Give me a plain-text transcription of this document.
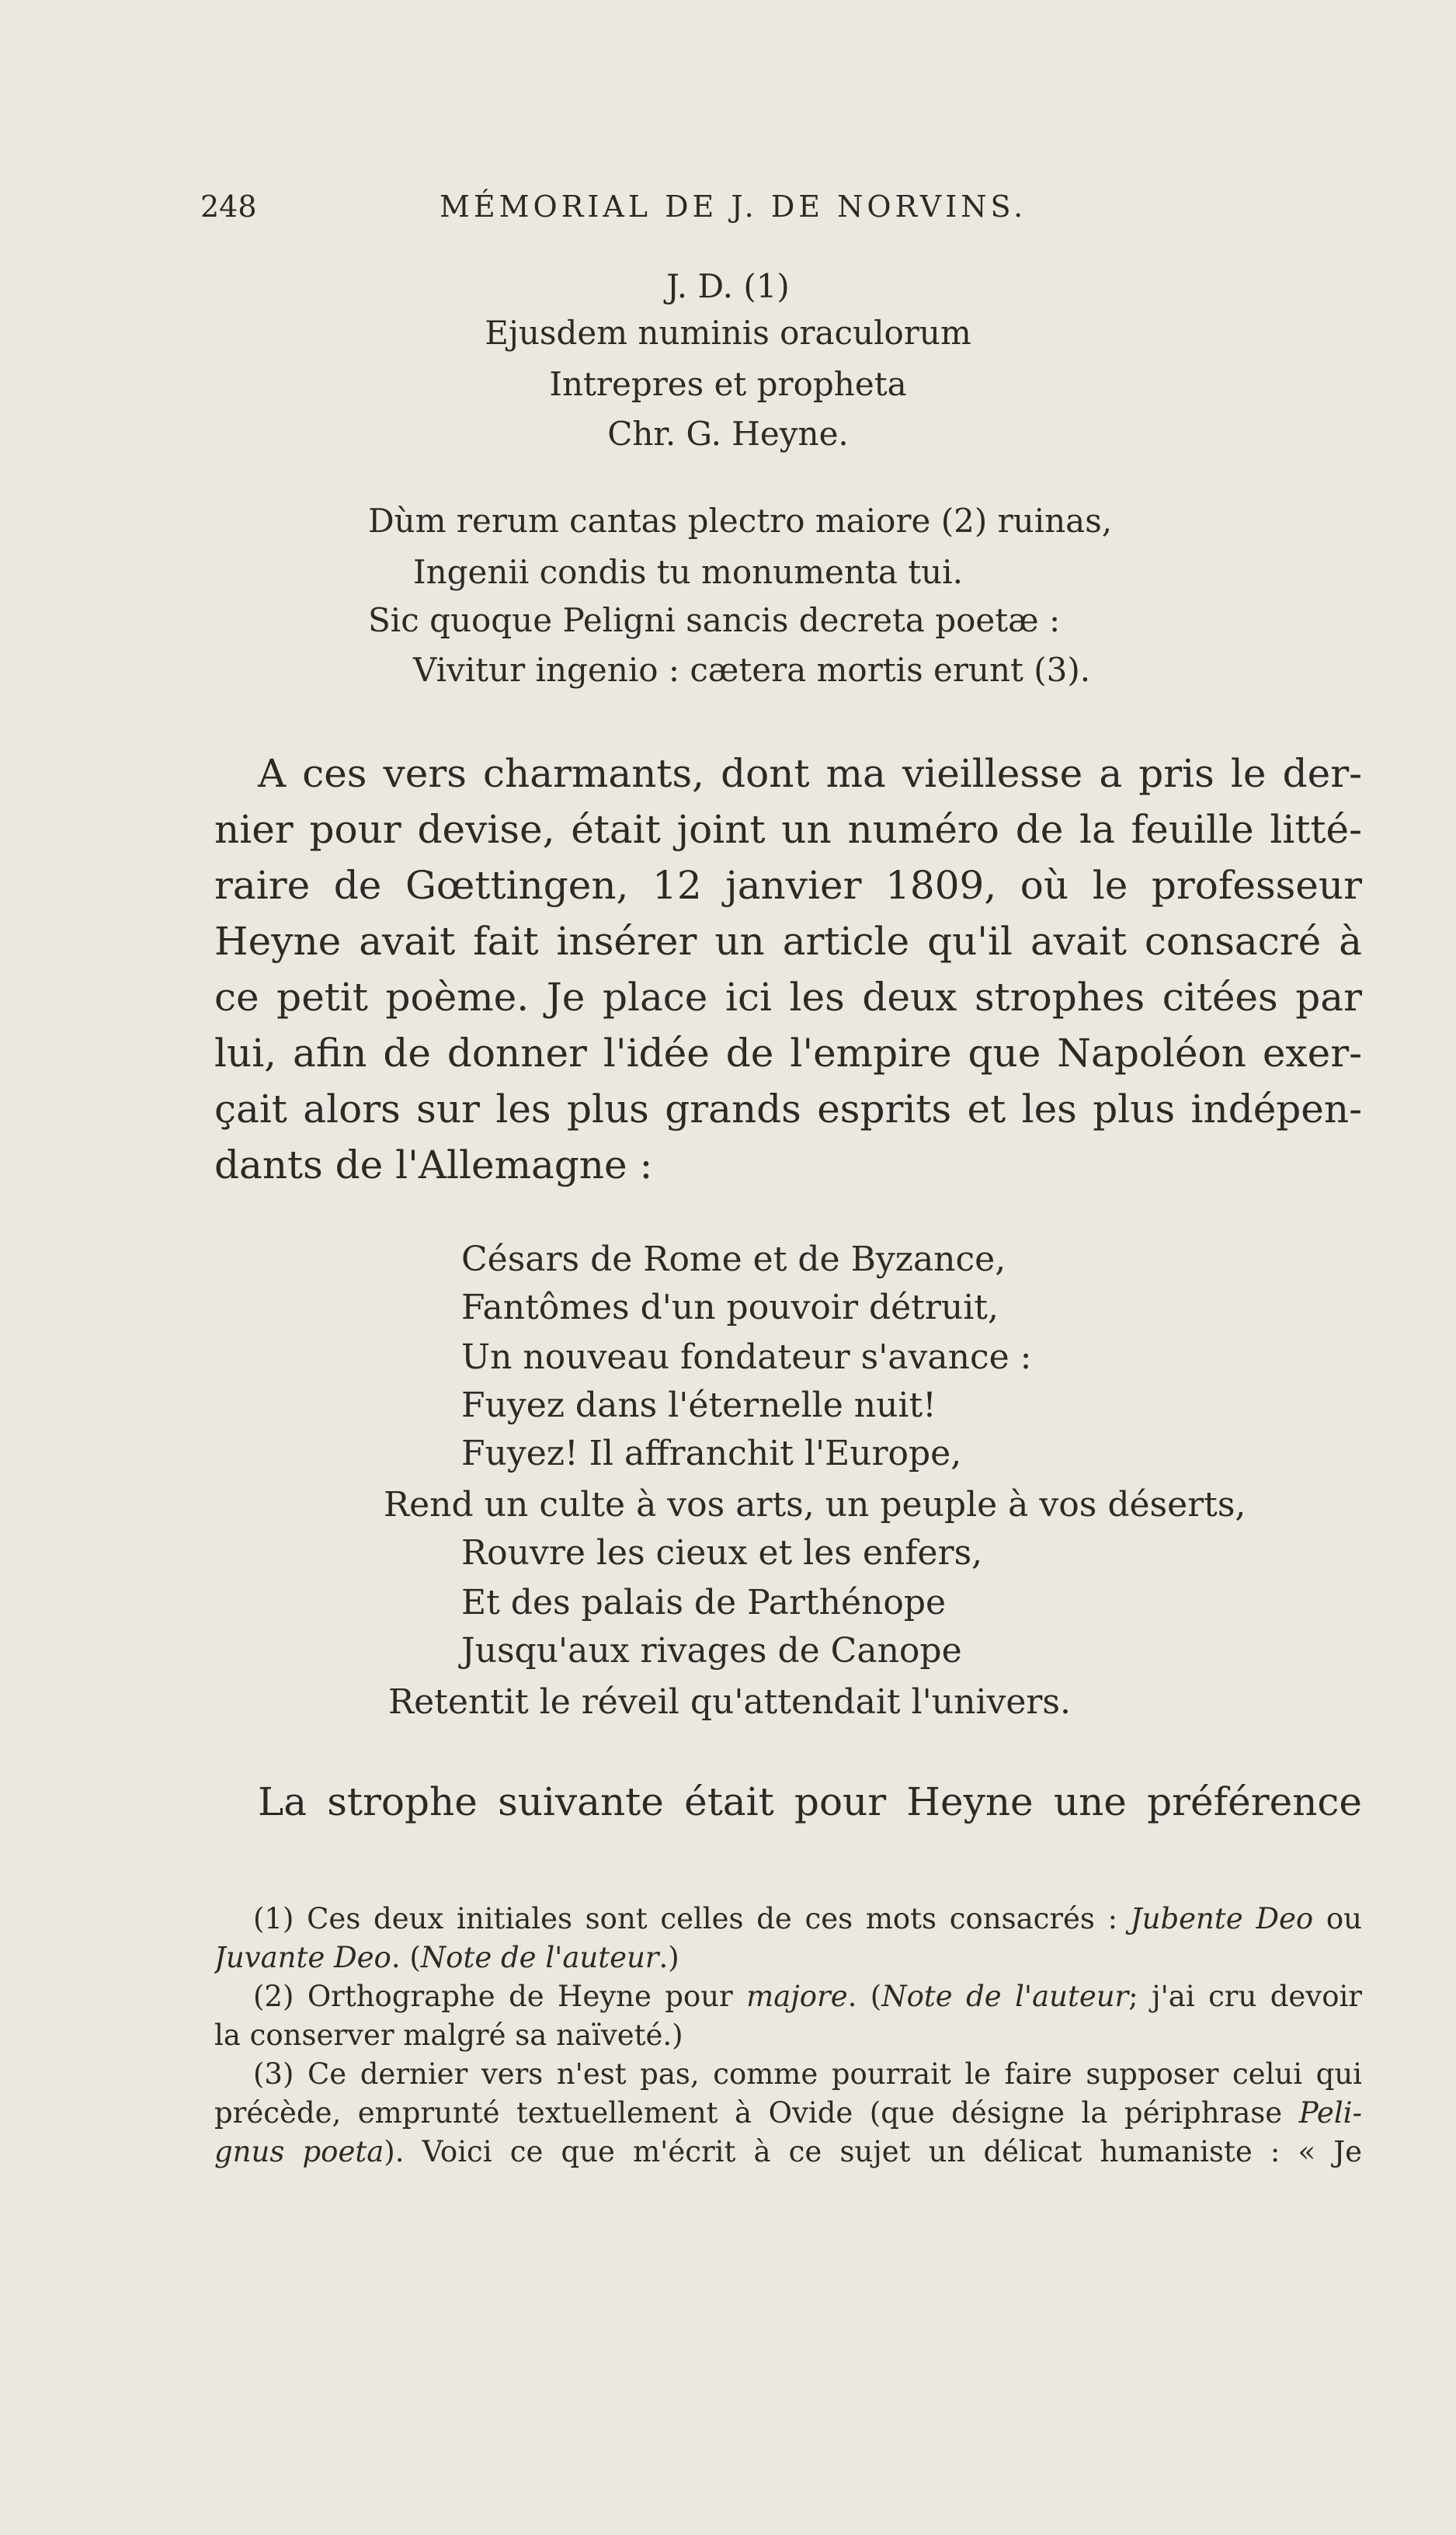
248	MÉMORIAL DE J. DE NORVINS.
J. D. (1)
Ejusdem numinis oraculorum
Intrepres et propheta
Chr. G. Heyne.
Dùm rerum cantas plectro maiore (2) ruinas,
Ingenii condis tu monumenta tui.
Sic quoque Peligni sancis decreta poetæ :
Vivitur ingenio : cætera mortis erunt (3).
A ces vers charmants, dont ma vieillesse a pris le der-
nier pour devise, était joint un numéro de la feuille litté-
raire de Gœttingen, 12 janvier 1809, où le professeur
Heyne avait fait insérer un article qu'il avait consacré à
ce petit poème. Je place ici les deux strophes citées par
lui, afin de donner l'idée de l'empire que Napoléon exer-
çait alors sur les plus grands esprits et les plus indépen-
dants de l'Allemagne :
Césars de Rome et de Byzance,
Fantômes d'un pouvoir détruit,
Un nouveau fondateur s'avance :
Fuyez dans l'éternelle nuit!
Fuyez! Il affranchit l'Europe,
Rend un culte à vos arts, un peuple à vos déserts,
Rouvre les cieux et les enfers,
Et des palais de Parthénope
Jusqu'aux rivages de Canope
Retentit le réveil qu'attendait l'univers.
La strophe suivante était pour Heyne une préférence
(1) Ces deux initiales sont celles de ces mots consacrés : Jubente Deo ou
Juvante Deo. (Note de l'auteur.)
(2) Orthographe de Heyne pour majore. (Note de l'auteur; j'ai cru devoir
la conserver malgré sa naïveté.)
(3) Ce dernier vers n'est pas, comme pourrait le faire supposer celui qui
précède, emprunté textuellement à Ovide (que désigne la périphrase Peli-
gnus poeta). Voici ce que m'écrit à ce sujet un délicat humaniste : « Je
